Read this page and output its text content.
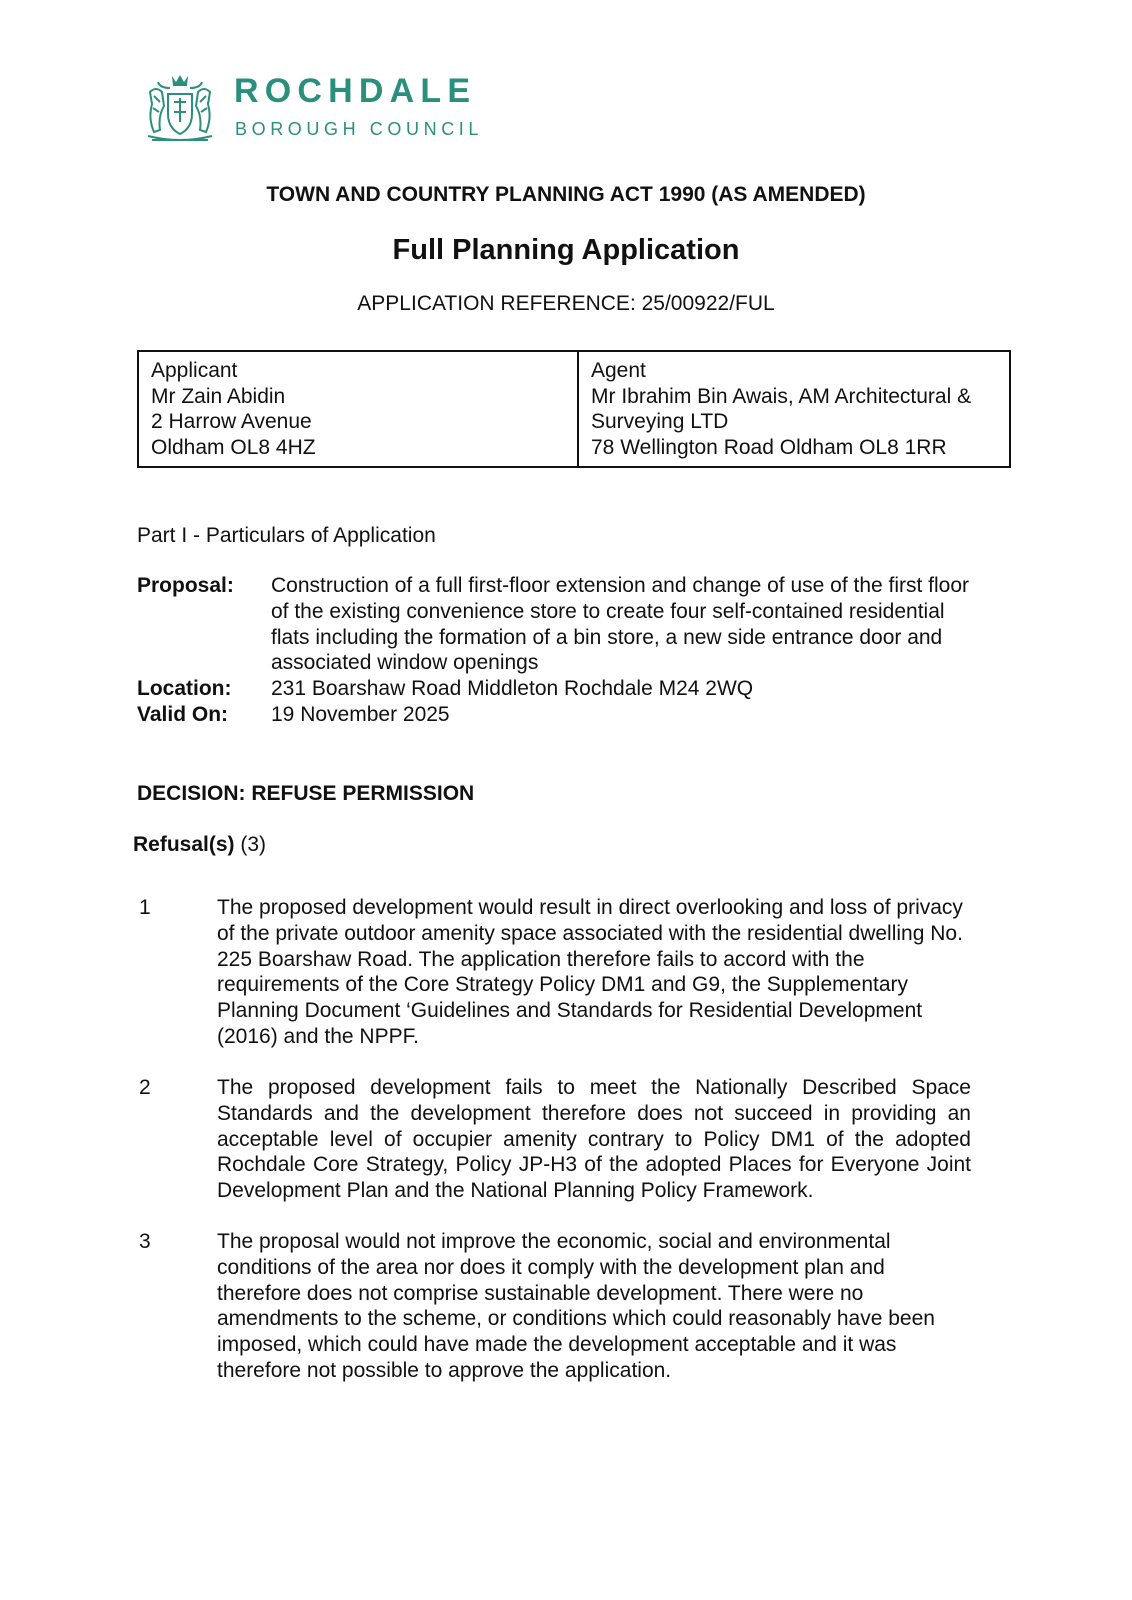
ROCHDALE
BOROUGH COUNCIL
TOWN AND COUNTRY PLANNING ACT 1990 (AS AMENDED)
Full Planning Application
APPLICATION REFERENCE: 25/00922/FUL
Applicant
Mr Zain Abidin
2 Harrow Avenue
Oldham OL8 4HZ
Agent
Mr Ibrahim Bin Awais, AM Architectural &
Surveying LTD
78 Wellington Road Oldham OL8 1RR
Part I - Particulars of Application
Proposal:	Construction of a full first-floor extension and change of use of the first floor of the existing convenience store to create four self-contained residential flats including the formation of a bin store, a new side entrance door and associated window openings
Location:	231 Boarshaw Road Middleton Rochdale M24 2WQ
Valid On:	19 November 2025
DECISION: REFUSE PERMISSION
Refusal(s) (3)
1	The proposed development would result in direct overlooking and loss of privacy of the private outdoor amenity space associated with the residential dwelling No. 225 Boarshaw Road. The application therefore fails to accord with the requirements of the Core Strategy Policy DM1 and G9, the Supplementary Planning Document ‘Guidelines and Standards for Residential Development (2016) and the NPPF.
2	The proposed development fails to meet the Nationally Described Space Standards and the development therefore does not succeed in providing an acceptable level of occupier amenity contrary to Policy DM1 of the adopted Rochdale Core Strategy, Policy JP-H3 of the adopted Places for Everyone Joint Development Plan and the National Planning Policy Framework.
3	The proposal would not improve the economic, social and environmental conditions of the area nor does it comply with the development plan and therefore does not comprise sustainable development. There were no amendments to the scheme, or conditions which could reasonably have been imposed, which could have made the development acceptable and it was therefore not possible to approve the application.
